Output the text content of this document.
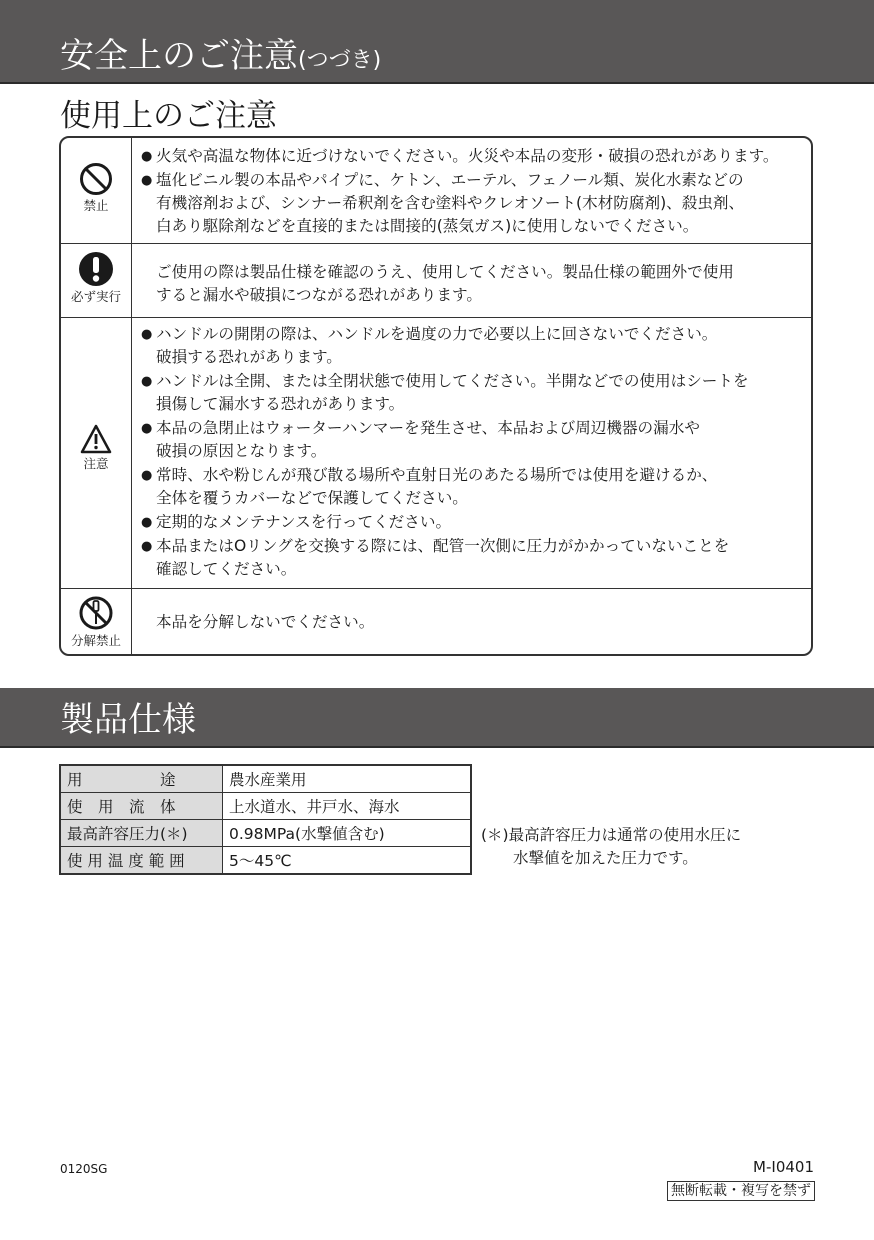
安全上のご注意(つづき)
使用上のご注意
禁止
● 火気や高温な物体に近づけないでください。火災や本品の変形・破損の恐れがあります。
● 塩化ビニル製の本品やパイプに、ケトン、エーテル、フェノール類、炭化水素などの
有機溶剤および、シンナー希釈剤を含む塗料やクレオソート(木材防腐剤)、殺虫剤、
白あり駆除剤などを直接的または間接的(蒸気ガス)に使用しないでください。
必ず実行
ご使用の際は製品仕様を確認のうえ、使用してください。製品仕様の範囲外で使用
すると漏水や破損につながる恐れがあります。
注意
● ハンドルの開閉の際は、ハンドルを過度の力で必要以上に回さないでください。
破損する恐れがあります。
● ハンドルは全開、または全閉状態で使用してください。半開などでの使用はシートを
損傷して漏水する恐れがあります。
● 本品の急閉止はウォーターハンマーを発生させ、本品および周辺機器の漏水や
破損の原因となります。
● 常時、水や粉じんが飛び散る場所や直射日光のあたる場所では使用を避けるか、
全体を覆うカバーなどで保護してください。
● 定期的なメンテナンスを行ってください。
● 本品またはOリングを交換する際には、配管一次側に圧力がかかっていないことを
確認してください。
分解禁止
本品を分解しないでください。
製品仕様
用　　　　　途	農水産業用
使　用　流　体	上水道水、井戸水、海水
最高許容圧力(＊)	0.98MPa(水撃値含む)
使 用 温 度 範 囲	5〜45℃
(＊)最高許容圧力は通常の使用水圧に
水撃値を加えた圧力です。
0120SG	M-I0401
無断転載・複写を禁ず
